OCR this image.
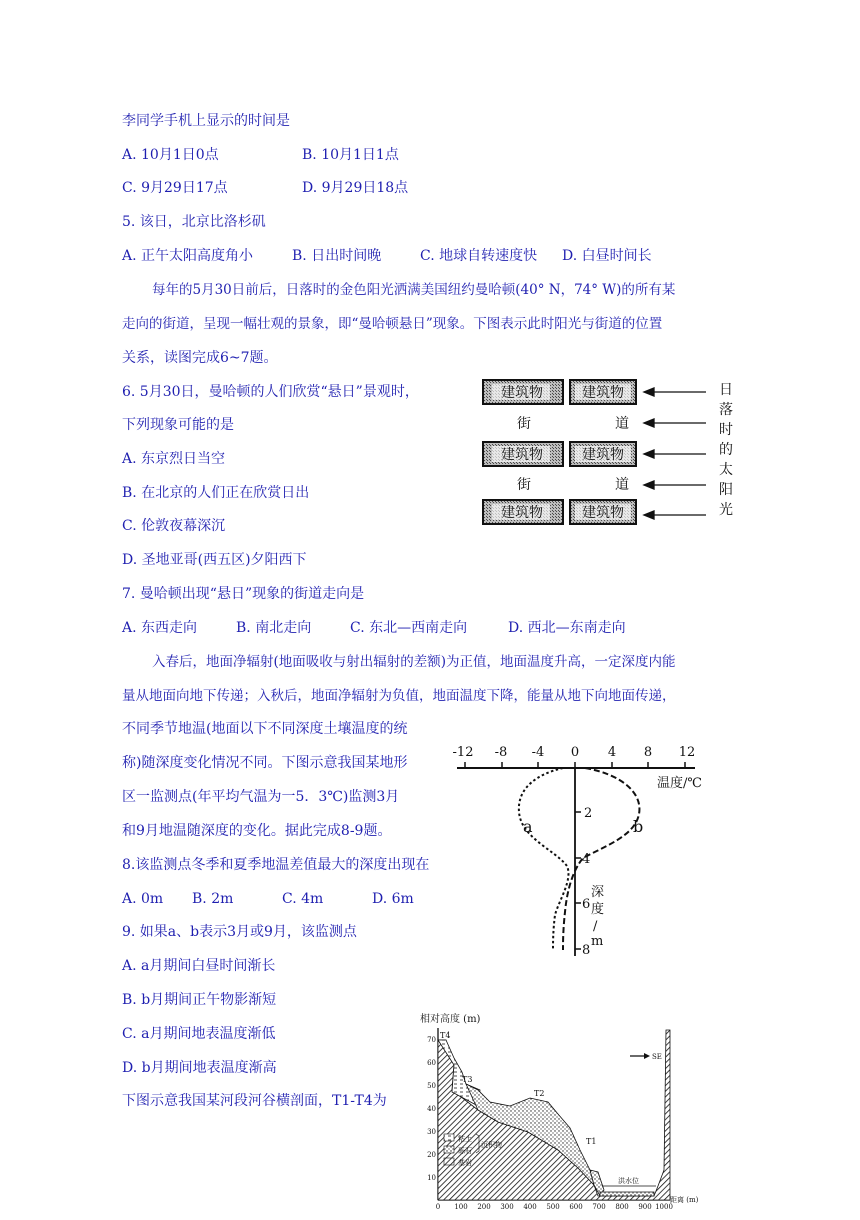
李同学手机上显示的时间是
A. 10月1日0点	B. 10月1日1点
C. 9月29日17点	D. 9月29日18点
5. 该日，北京比洛杉矶
A. 正午太阳高度角小	B. 日出时间晚	C. 地球自转速度快 D. 白昼时间长
每年的5月30日前后，日落时的金色阳光洒满美国纽约曼哈顿(40° N，74° W)的所有某
走向的街道，呈现一幅壮观的景象，即“曼哈顿悬日”现象。下图表示此时阳光与街道的位置
关系，读图完成6~7题。
6. 5月30日，曼哈顿的人们欣赏“悬日”景观时，
下列现象可能的是
A. 东京烈日当空
B. 在北京的人们正在欣赏日出
C. 伦敦夜幕深沉
D. 圣地亚哥(西五区)夕阳西下
7. 曼哈顿出现“悬日”现象的街道走向是
A. 东西走向	B. 南北走向	C. 东北—西南走向	D. 西北—东南走向
入春后，地面净辐射(地面吸收与射出辐射的差额)为正值，地面温度升高，一定深度内能
量从地面向地下传递；入秋后，地面净辐射为负值，地面温度下降，能量从地下向地面传递，
不同季节地温(地面以下不同深度土壤温度的统
称)随深度变化情况不同。下图示意我国某地形
区一监测点(年平均气温为一5．3℃)监测3月
和9月地温随深度的变化。据此完成8-9题。
8.该监测点冬季和夏季地温差值最大的深度出现在
A. 0m B. 2m	C. 4m	D. 6m
9. 如果a、b表示3月或9月，该监测点
A. a月期间白昼时间渐长
B. b月期间正午物影渐短
C. a月期间地表温度渐低
D. b月期间地表温度渐高
下图示意我国某河段河谷横剖面，T1-T4为
建筑物	建筑物
街	道
建筑物	建筑物
街	道
建筑物	建筑物
日
落
时
的
太
阳
光
-12 -8 -4 0 4 8 12
温度/℃
2
4
6
8
深
度
/
m
a	b
相对高度 (m)
70
60
50
40
30
20
10
0 100 200 300 400 500 600 700 800 900 1000
距离 (m)
SE
洪水位
T4
T3
T2
T1
粘土
砾石
沉积物
基岩
